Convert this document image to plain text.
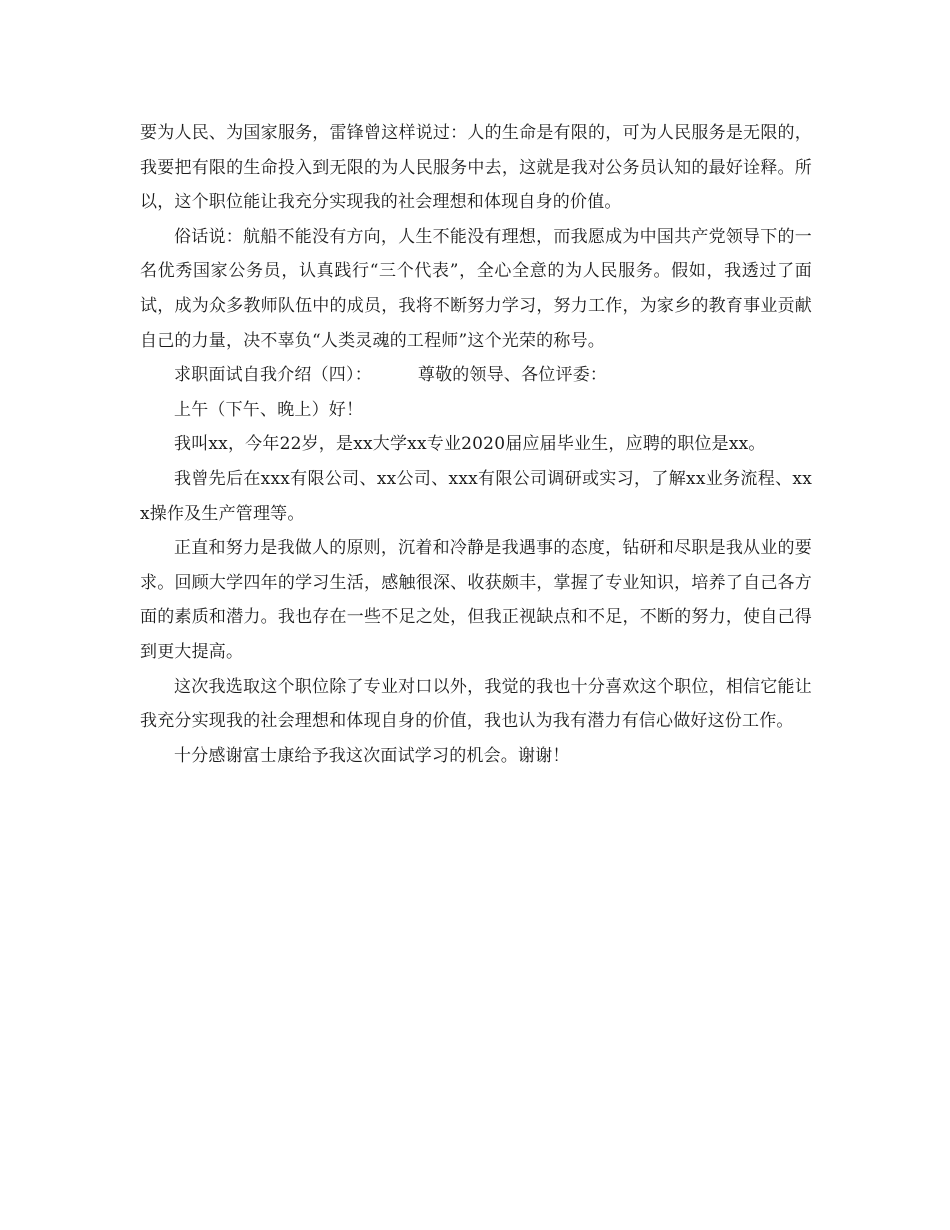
要为人民、为国家服务，雷锋曾这样说过：人的生命是有限的，可为人民服务是无限的，我要把有限的生命投入到无限的为人民服务中去，这就是我对公务员认知的最好诠释。所以，这个职位能让我充分实现我的社会理想和体现自身的价值。

俗话说：航船不能没有方向，人生不能没有理想，而我愿成为中国共产党领导下的一名优秀国家公务员，认真践行“三个代表”，全心全意的为人民服务。假如，我透过了面试，成为众多教师队伍中的成员，我将不断努力学习，努力工作，为家乡的教育事业贡献自己的力量，决不辜负“人类灵魂的工程师”这个光荣的称号。

求职面试自我介绍（四）：	尊敬的领导、各位评委：

上午（下午、晚上）好！

我叫xx，今年22岁，是xx大学xx专业2020届应届毕业生，应聘的职位是xx。

我曾先后在xxx有限公司、xx公司、xxx有限公司调研或实习，了解xx业务流程、xxx操作及生产管理等。

正直和努力是我做人的原则，沉着和冷静是我遇事的态度，钻研和尽职是我从业的要求。回顾大学四年的学习生活，感触很深、收获颇丰，掌握了专业知识，培养了自己各方面的素质和潜力。我也存在一些不足之处，但我正视缺点和不足，不断的努力，使自己得到更大提高。

这次我选取这个职位除了专业对口以外，我觉的我也十分喜欢这个职位，相信它能让我充分实现我的社会理想和体现自身的价值，我也认为我有潜力有信心做好这份工作。

十分感谢富士康给予我这次面试学习的机会。谢谢！
